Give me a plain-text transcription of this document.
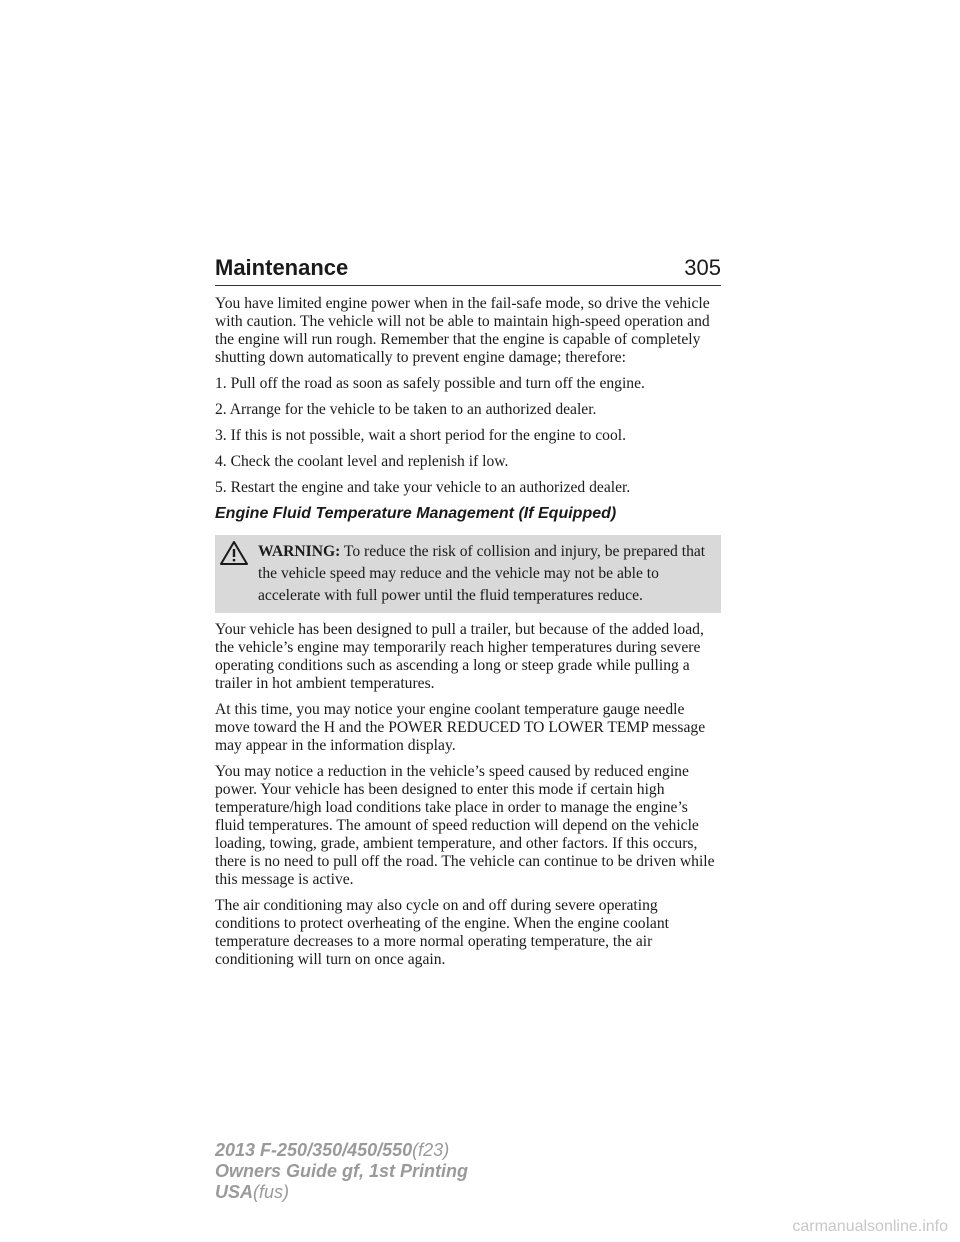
Maintenance	305

You have limited engine power when in the fail-safe mode, so drive the vehicle with caution. The vehicle will not be able to maintain high-speed operation and the engine will run rough. Remember that the engine is capable of completely shutting down automatically to prevent engine damage; therefore:

1. Pull off the road as soon as safely possible and turn off the engine.
2. Arrange for the vehicle to be taken to an authorized dealer.
3. If this is not possible, wait a short period for the engine to cool.
4. Check the coolant level and replenish if low.
5. Restart the engine and take your vehicle to an authorized dealer.
Engine Fluid Temperature Management (If Equipped)
WARNING: To reduce the risk of collision and injury, be prepared that the vehicle speed may reduce and the vehicle may not be able to accelerate with full power until the fluid temperatures reduce.

Your vehicle has been designed to pull a trailer, but because of the added load, the vehicle’s engine may temporarily reach higher temperatures during severe operating conditions such as ascending a long or steep grade while pulling a trailer in hot ambient temperatures.

At this time, you may notice your engine coolant temperature gauge needle move toward the H and the POWER REDUCED TO LOWER TEMP message may appear in the information display.

You may notice a reduction in the vehicle’s speed caused by reduced engine power. Your vehicle has been designed to enter this mode if certain high temperature/high load conditions take place in order to manage the engine’s fluid temperatures. The amount of speed reduction will depend on the vehicle loading, towing, grade, ambient temperature, and other factors. If this occurs, there is no need to pull off the road. The vehicle can continue to be driven while this message is active.

The air conditioning may also cycle on and off during severe operating conditions to protect overheating of the engine. When the engine coolant temperature decreases to a more normal operating temperature, the air conditioning will turn on once again.

2013 F-250/350/450/550(f23)
Owners Guide gf, 1st Printing
USA(fus)
carmanualsonline.info
